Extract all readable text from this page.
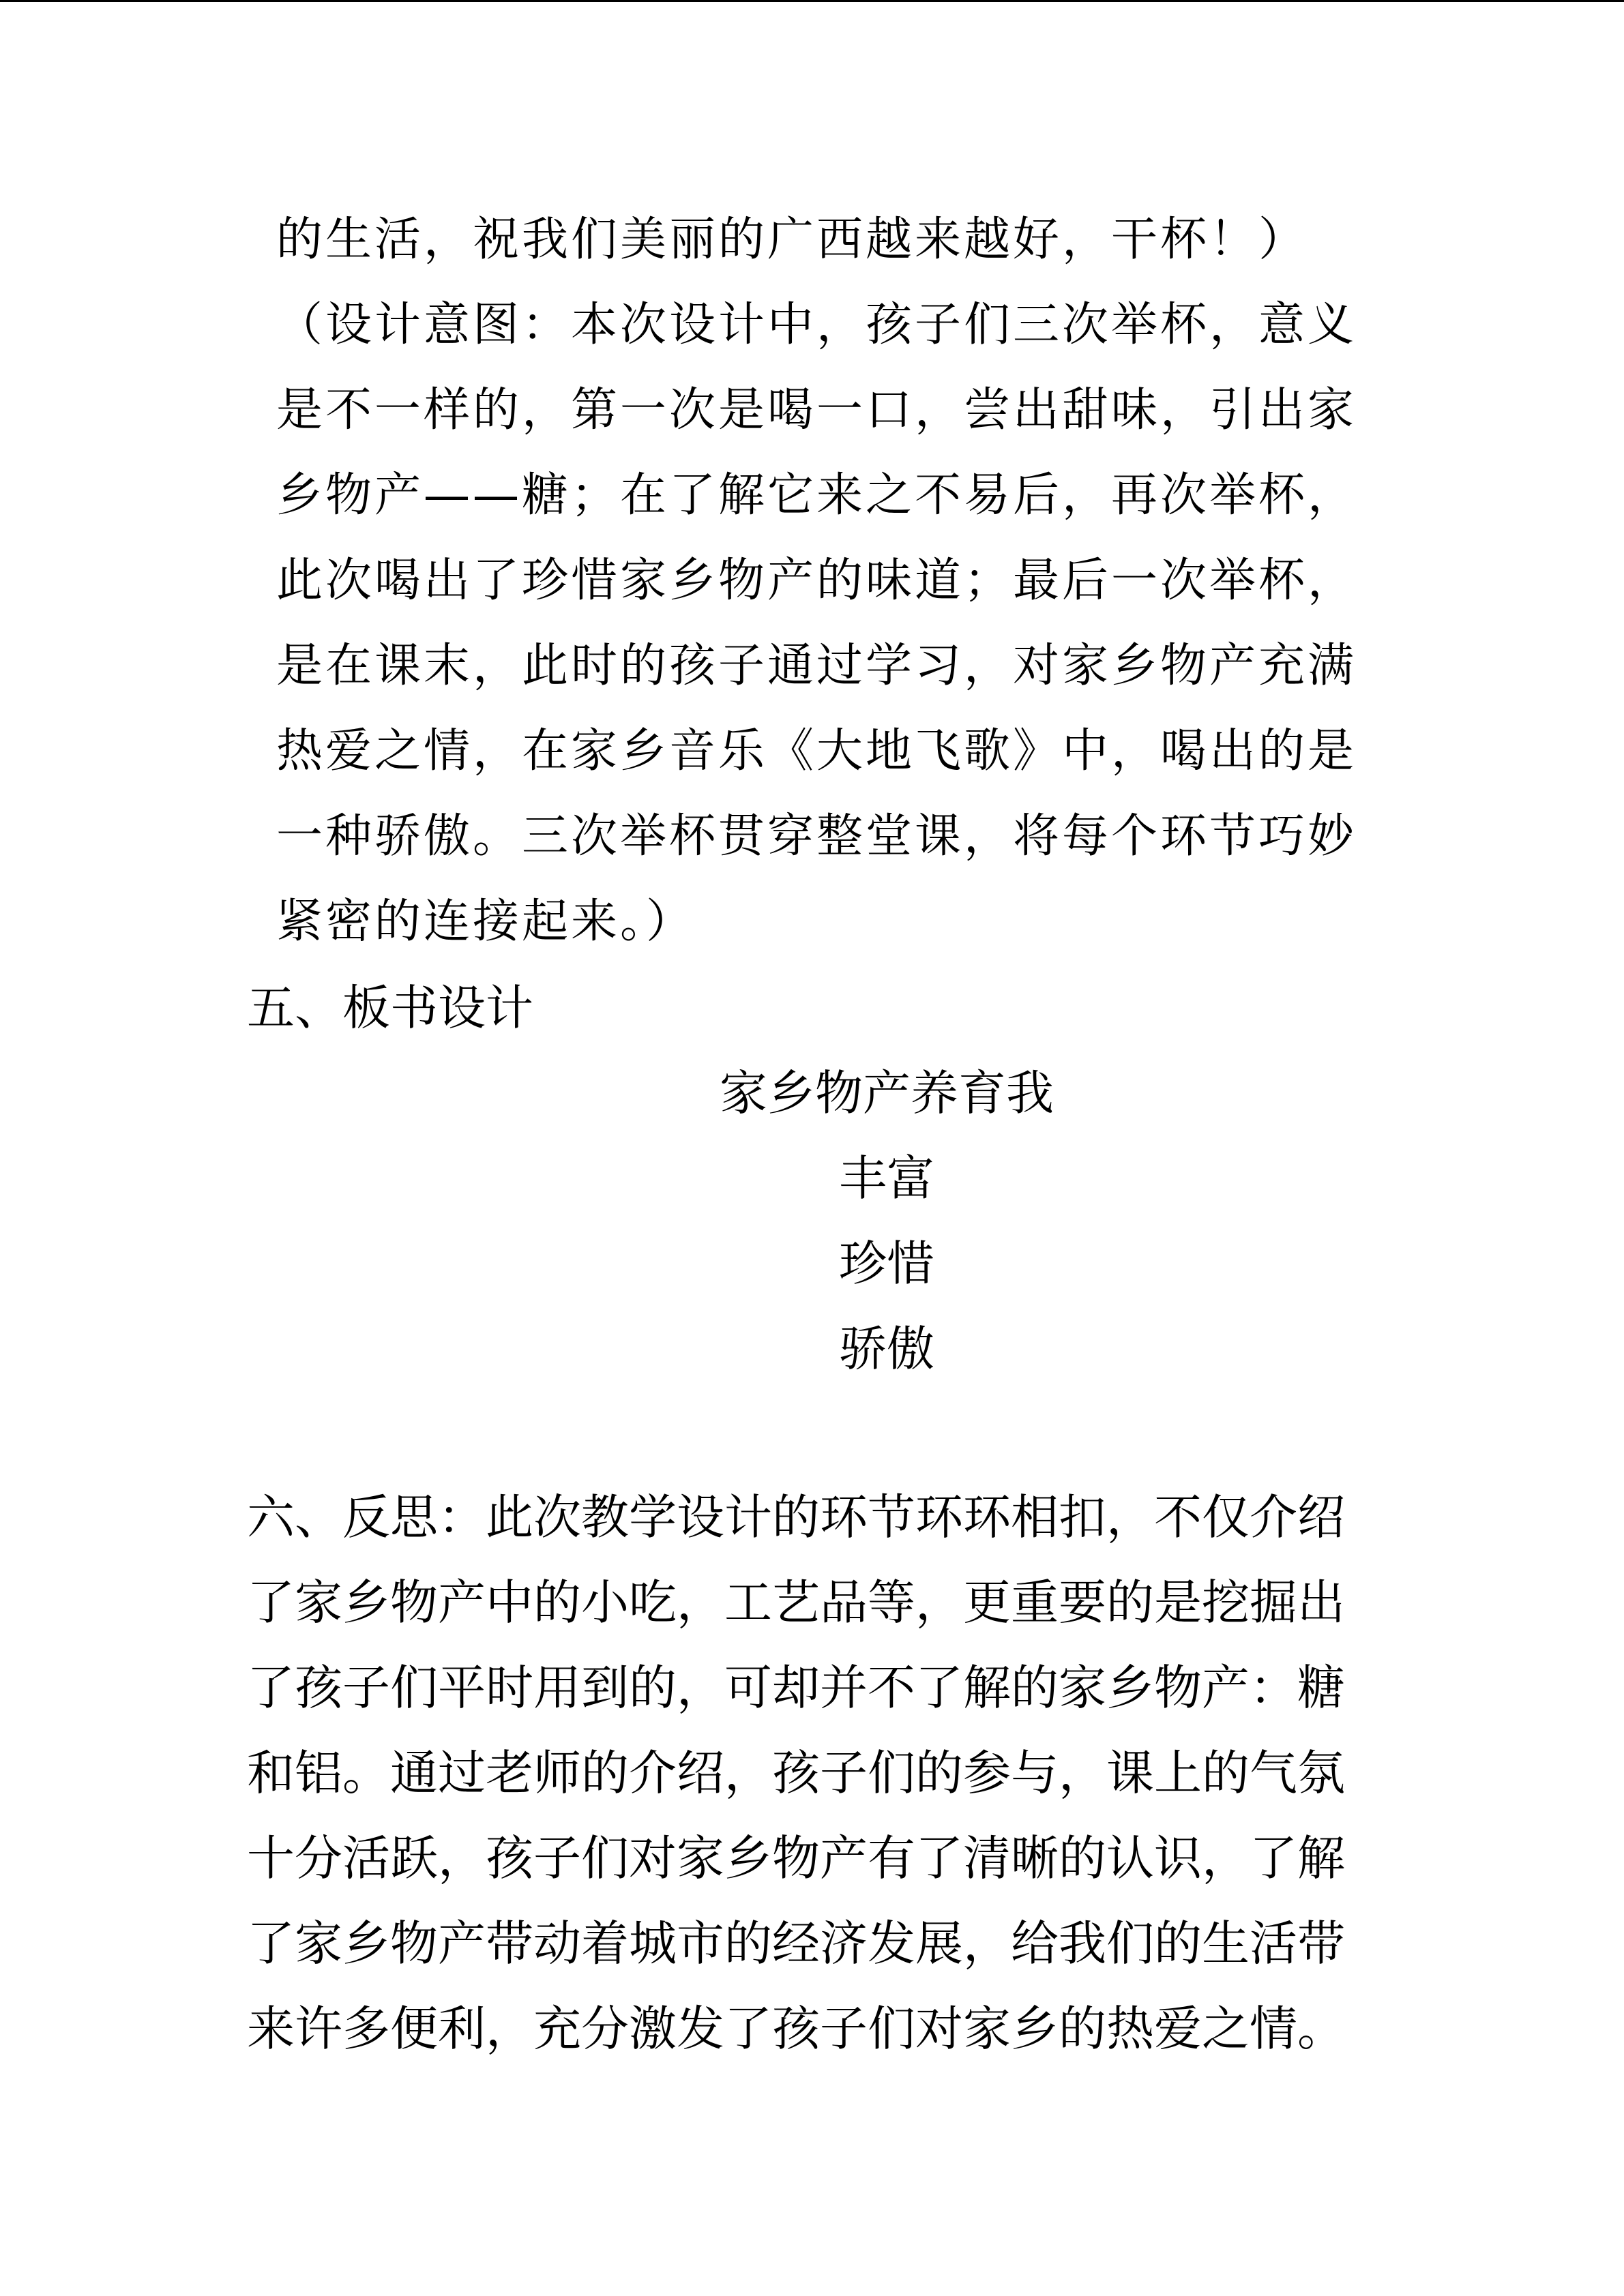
的生活，祝我们美丽的广西越来越好，干杯！）
（设计意图：本次设计中，孩子们三次举杯，意义
是不一样的，第一次是喝一口，尝出甜味，引出家
乡物产——糖；在了解它来之不易后，再次举杯，
此次喝出了珍惜家乡物产的味道；最后一次举杯，
是在课末，此时的孩子通过学习，对家乡物产充满
热爱之情，在家乡音乐《大地飞歌》中，喝出的是
一种骄傲。三次举杯贯穿整堂课，将每个环节巧妙
紧密的连接起来。）
五、板书设计
家乡物产养育我
丰富
珍惜
骄傲
六、反思：此次教学设计的环节环环相扣，不仅介绍
了家乡物产中的小吃，工艺品等，更重要的是挖掘出
了孩子们平时用到的，可却并不了解的家乡物产：糖
和铝。通过老师的介绍，孩子们的参与，课上的气氛
十分活跃，孩子们对家乡物产有了清晰的认识，了解
了家乡物产带动着城市的经济发展，给我们的生活带
来许多便利，充分激发了孩子们对家乡的热爱之情。
